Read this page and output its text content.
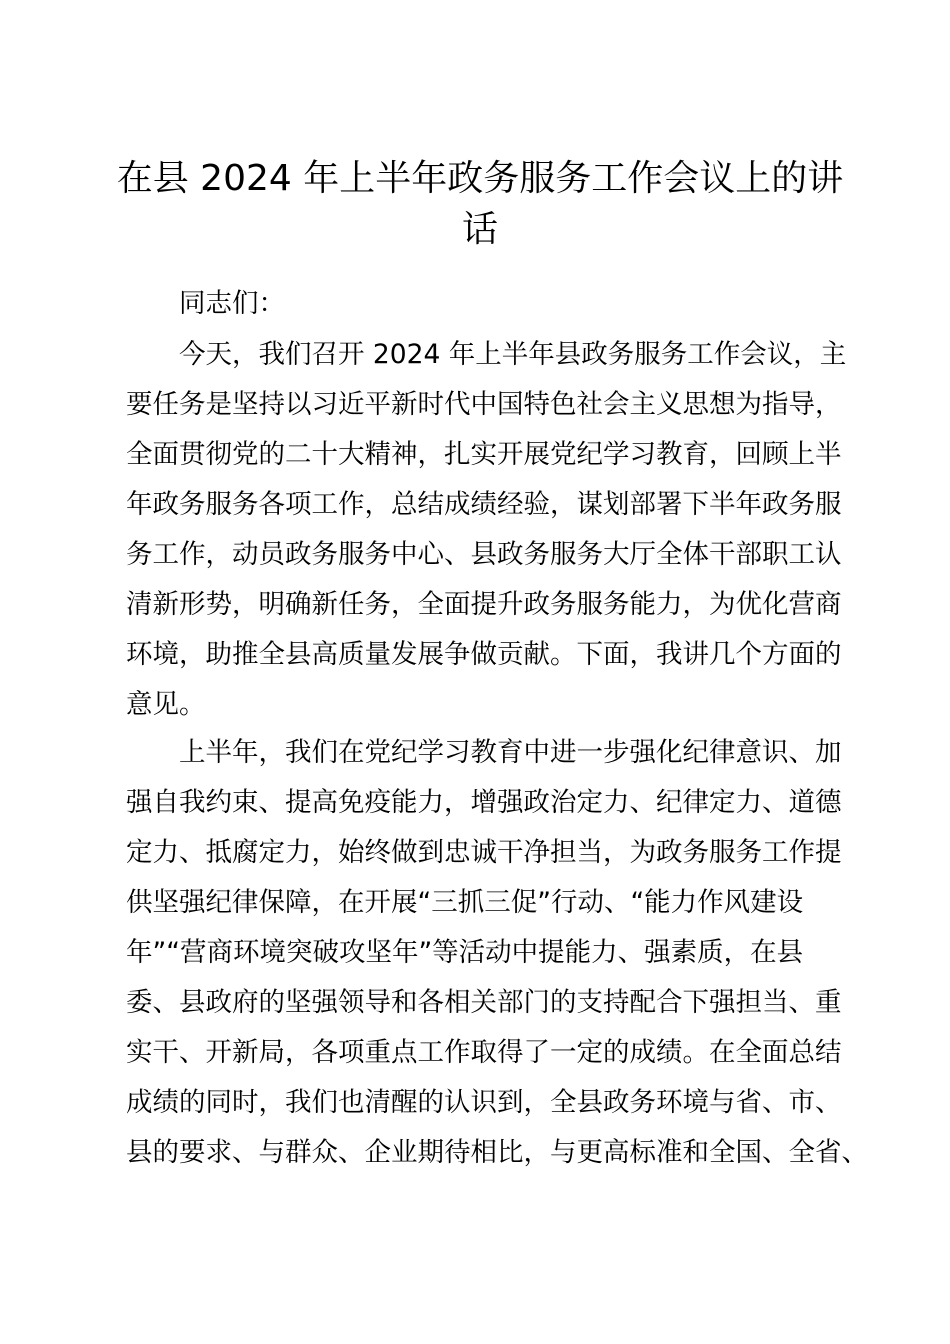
在县 2024 年上半年政务服务工作会议上的讲
话

　　同志们：

　　今天，我们召开 2024 年上半年县政务服务工作会议，主

要任务是坚持以习近平新时代中国特色社会主义思想为指导，

全面贯彻党的二十大精神，扎实开展党纪学习教育，回顾上半

年政务服务各项工作，总结成绩经验，谋划部署下半年政务服

务工作，动员政务服务中心、县政务服务大厅全体干部职工认

清新形势，明确新任务，全面提升政务服务能力，为优化营商

环境，助推全县高质量发展争做贡献。下面，我讲几个方面的

意见。

　　上半年，我们在党纪学习教育中进一步强化纪律意识、加

强自我约束、提高免疫能力，增强政治定力、纪律定力、道德

定力、抵腐定力，始终做到忠诚干净担当，为政务服务工作提

供坚强纪律保障，在开展“三抓三促”行动、“能力作风建设

年”“营商环境突破攻坚年”等活动中提能力、强素质，在县

委、县政府的坚强领导和各相关部门的支持配合下强担当、重

实干、开新局，各项重点工作取得了一定的成绩。在全面总结

成绩的同时，我们也清醒的认识到，全县政务环境与省、市、

县的要求、与群众、企业期待相比，与更高标准和全国、全省、
